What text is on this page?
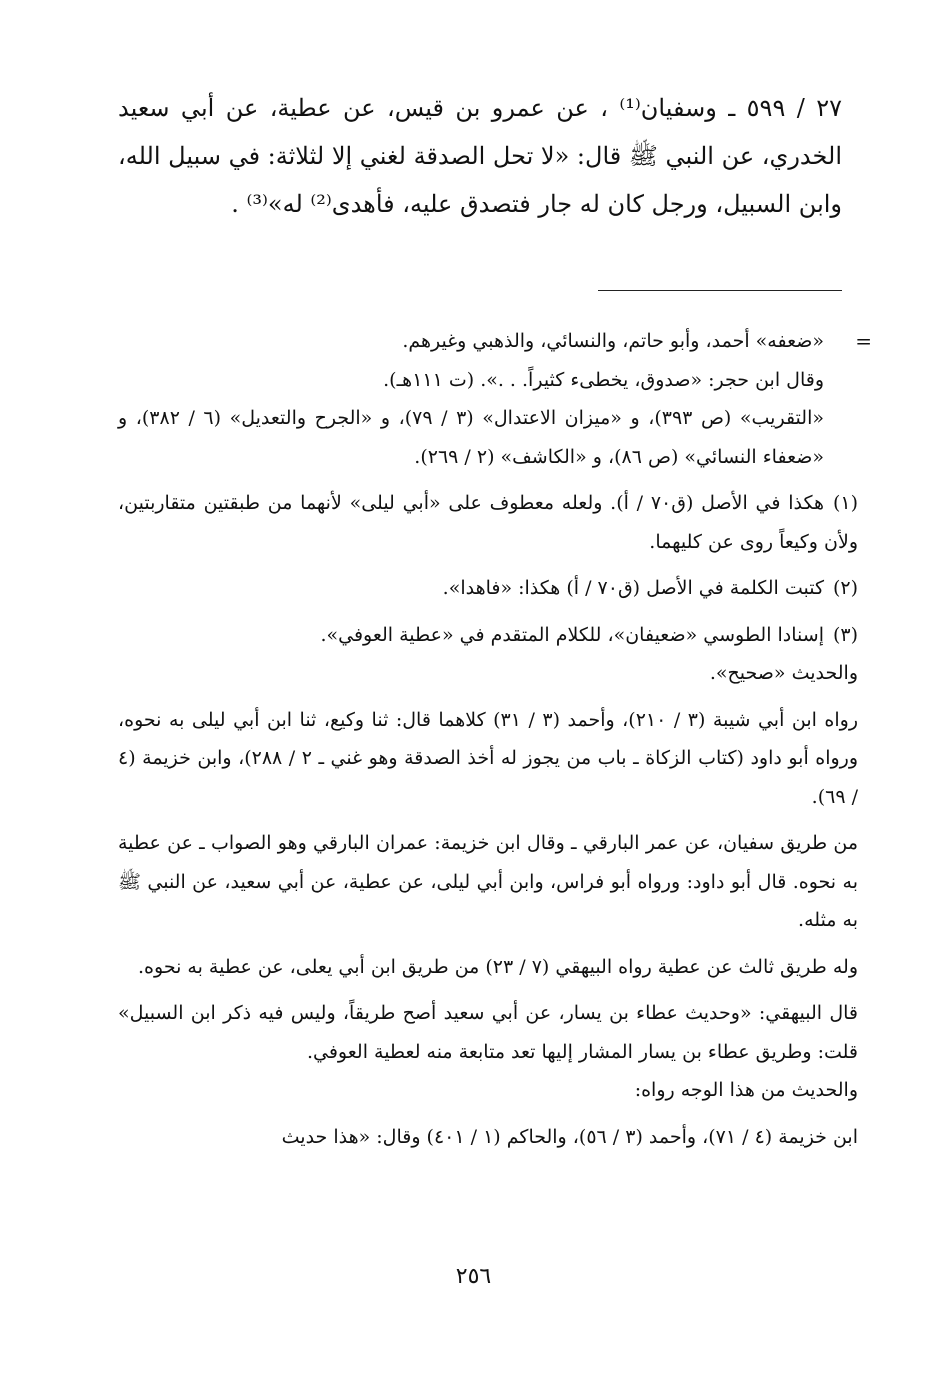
٢٧ / ٥٩٩ ـ وسفيان⁽¹⁾ ، عن عمرو بن قيس، عن عطية، عن أبي سعيد الخدري، عن النبي ﷺ قال: «لا تحل الصدقة لغني إلا لثلاثة: في سبيل الله، وابن السبيل، ورجل كان له جار فتصدق عليه، فأهدى⁽²⁾ له»⁽³⁾ .

=

«ضعفه» أحمد، وأبو حاتم، والنسائي، والذهبي وغيرهم.

وقال ابن حجر: «صدوق، يخطىء كثيراً. . .». (ت ١١١هـ).

«التقريب» (ص ٣٩٣)، و «ميزان الاعتدال» (٣ / ٧٩)، و «الجرح والتعديل» (٦ / ٣٨٢)، و «ضعفاء النسائي» (ص ٨٦)، و «الكاشف» (٢ / ٢٦٩).

(١)هكذا في الأصل (ق٧٠ / أ). ولعله معطوف على «أبي ليلى» لأنهما من طبقتين متقاربتين، ولأن وكيعاً روى عن كليهما.

(٢)كتبت الكلمة في الأصل (ق٧٠ / أ) هكذا: «فاهدا».

(٣)إسنادا الطوسي «ضعيفان»، للكلام المتقدم في «عطية العوفي».

والحديث «صحيح».

رواه ابن أبي شيبة (٣ / ٢١٠)، وأحمد (٣ / ٣١) كلاهما قال: ثنا وكيع، ثنا ابن أبي ليلى به نحوه، ورواه أبو داود (كتاب الزكاة ـ باب من يجوز له أخذ الصدقة وهو غني ـ ٢ / ٢٨٨)، وابن خزيمة (٤ / ٦٩).

من طريق سفيان، عن عمر البارقي ـ وقال ابن خزيمة: عمران البارقي وهو الصواب ـ عن عطية به نحوه. قال أبو داود: ورواه أبو فراس، وابن أبي ليلى، عن عطية، عن أبي سعيد، عن النبي ﷺ به مثله.

وله طريق ثالث عن عطية رواه البيهقي (٧ / ٢٣) من طريق ابن أبي يعلى، عن عطية به نحوه.

قال البيهقي: «وحديث عطاء بن يسار، عن أبي سعيد أصح طريقاً، وليس فيه ذكر ابن السبيل» قلت: وطريق عطاء بن يسار المشار إليها تعد متابعة منه لعطية العوفي.

والحديث من هذا الوجه رواه:

ابن خزيمة (٤ / ٧١)، وأحمد (٣ / ٥٦)، والحاكم (١ / ٤٠١) وقال: «هذا حديث

٢٥٦
